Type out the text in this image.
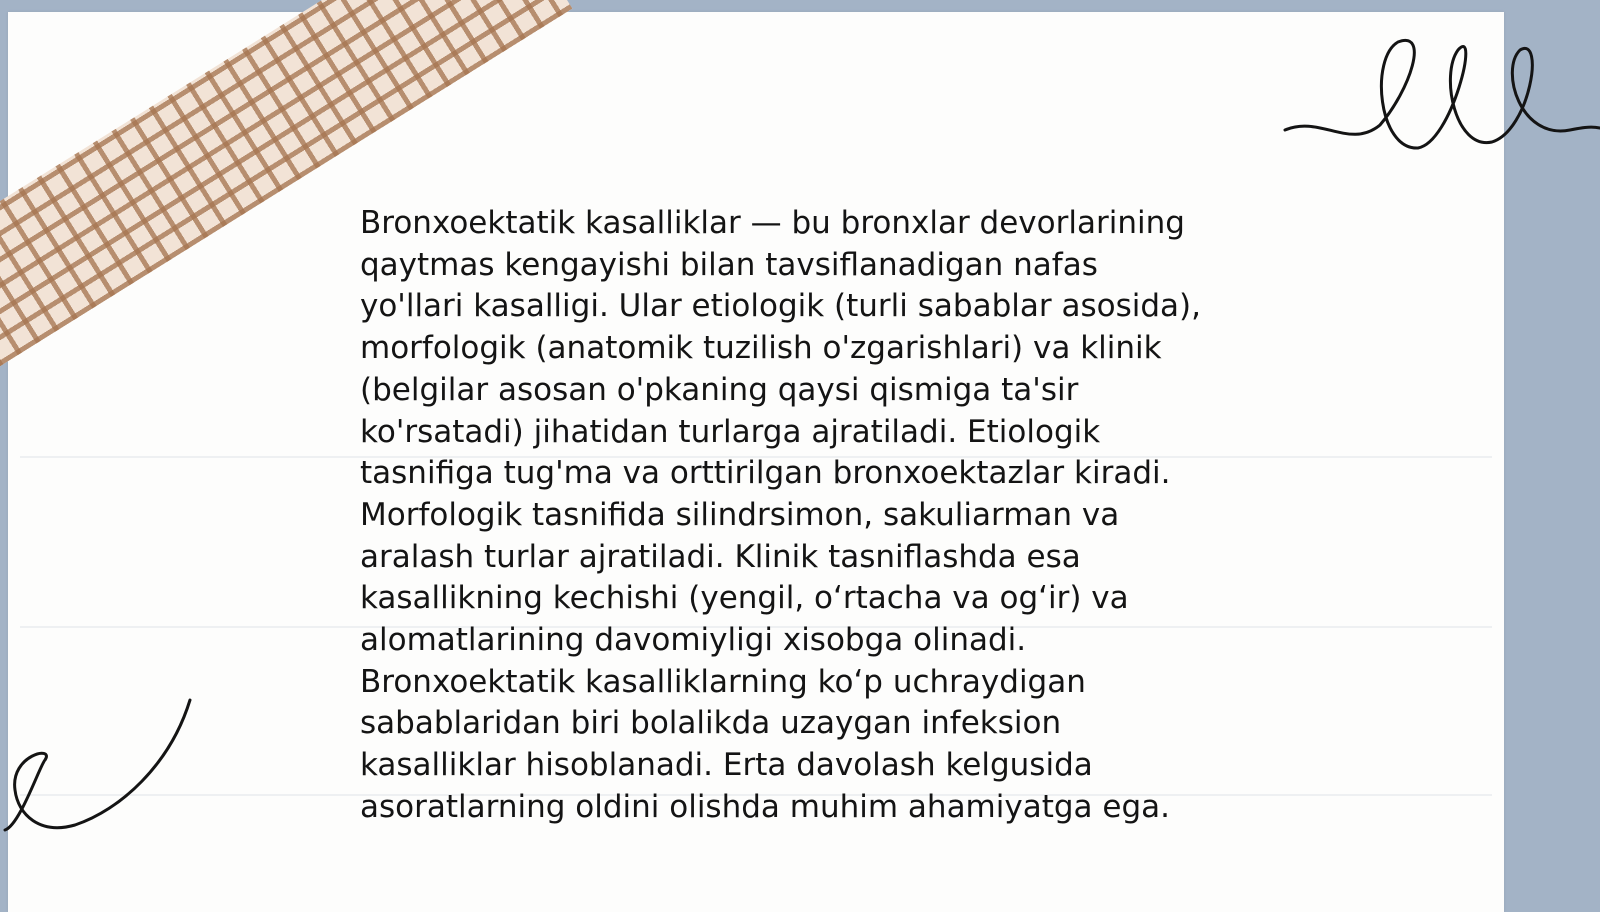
Bronxoektatik kasalliklar — bu bronxlar devorlarining
qaytmas kengayishi bilan tavsiflanadigan nafas
yo'llari kasalligi. Ular etiologik (turli sabablar asosida),
morfologik (anatomik tuzilish o'zgarishlari) va klinik
(belgilar asosan o'pkaning qaysi qismiga ta'sir
ko'rsatadi) jihatidan turlarga ajratiladi. Etiologik
tasnifiga tug'ma va orttirilgan bronxoektazlar kiradi.
Morfologik tasnifida silindrsimon, sakuliarman va
aralash turlar ajratiladi. Klinik tasniflashda esa
kasallikning kechishi (yengil, o‘rtacha va og‘ir) va
alomatlarining davomiyligi xisobga olinadi.
Bronxoektatik kasalliklarning ko‘p uchraydigan
sabablaridan biri bolalikda uzaygan infeksion
kasalliklar hisoblanadi. Erta davolash kelgusida
asoratlarning oldini olishda muhim ahamiyatga ega.
